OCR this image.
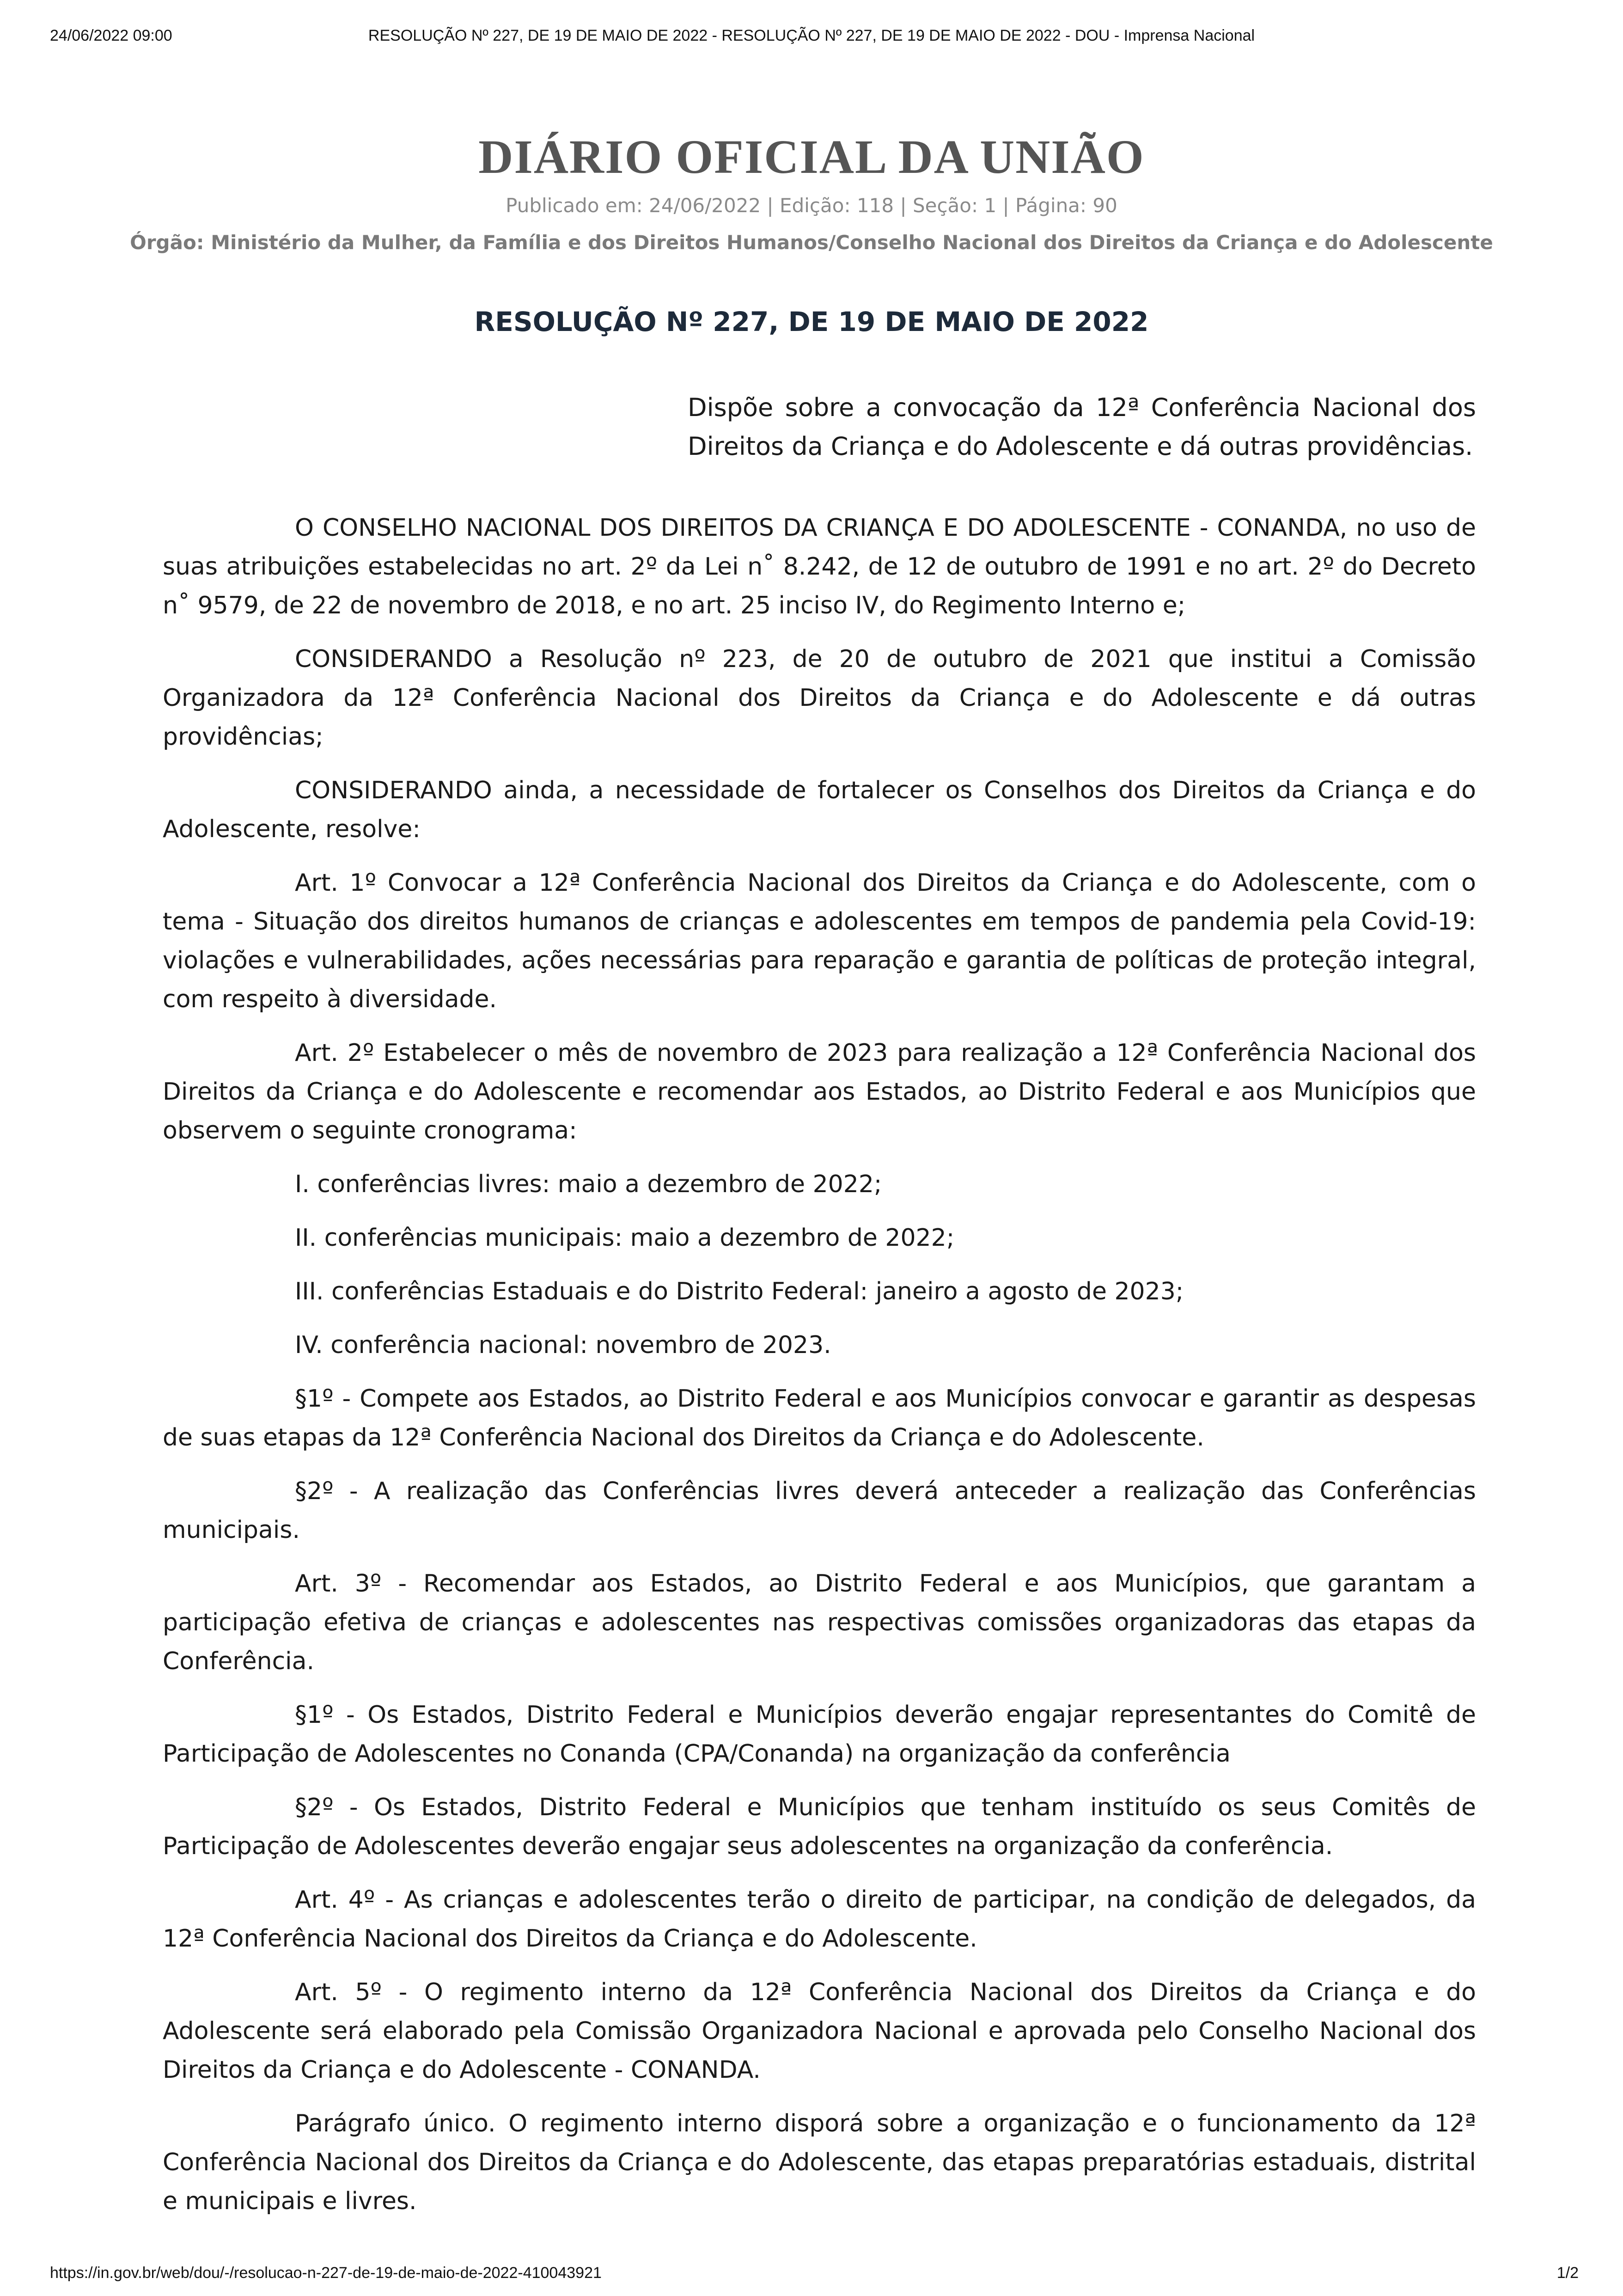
24/06/2022 09:00	RESOLUÇÃO Nº 227, DE 19 DE MAIO DE 2022 - RESOLUÇÃO Nº 227, DE 19 DE MAIO DE 2022 - DOU - Imprensa Nacional
DIÁRIO OFICIAL DA UNIÃO
Publicado em: 24/06/2022 | Edição: 118 | Seção: 1 | Página: 90
Órgão: Ministério da Mulher, da Família e dos Direitos Humanos/Conselho Nacional dos Direitos da Criança e do Adolescente
RESOLUÇÃO Nº 227, DE 19 DE MAIO DE 2022

Dispõe sobre a convocação da 12ª Conferência Nacional dos Direitos da Criança e do Adolescente e dá outras providências.

O CONSELHO NACIONAL DOS DIREITOS DA CRIANÇA E DO ADOLESCENTE - CONANDA, no uso de suas atribuições estabelecidas no art. 2º da Lei n˚ 8.242, de 12 de outubro de 1991 e no art. 2º do Decreto n˚ 9579, de 22 de novembro de 2018, e no art. 25 inciso IV, do Regimento Interno e;

CONSIDERANDO a Resolução nº 223, de 20 de outubro de 2021 que institui a Comissão Organizadora da 12ª Conferência Nacional dos Direitos da Criança e do Adolescente e dá outras providências;

CONSIDERANDO ainda, a necessidade de fortalecer os Conselhos dos Direitos da Criança e do Adolescente, resolve:

Art. 1º Convocar a 12ª Conferência Nacional dos Direitos da Criança e do Adolescente, com o tema - Situação dos direitos humanos de crianças e adolescentes em tempos de pandemia pela Covid-19: violações e vulnerabilidades, ações necessárias para reparação e garantia de políticas de proteção integral, com respeito à diversidade.

Art. 2º Estabelecer o mês de novembro de 2023 para realização a 12ª Conferência Nacional dos Direitos da Criança e do Adolescente e recomendar aos Estados, ao Distrito Federal e aos Municípios que observem o seguinte cronograma:

I. conferências livres: maio a dezembro de 2022;

II. conferências municipais: maio a dezembro de 2022;

III. conferências Estaduais e do Distrito Federal: janeiro a agosto de 2023;

IV. conferência nacional: novembro de 2023.

§1º - Compete aos Estados, ao Distrito Federal e aos Municípios convocar e garantir as despesas de suas etapas da 12ª Conferência Nacional dos Direitos da Criança e do Adolescente.

§2º - A realização das Conferências livres deverá anteceder a realização das Conferências municipais.

Art. 3º - Recomendar aos Estados, ao Distrito Federal e aos Municípios, que garantam a participação efetiva de crianças e adolescentes nas respectivas comissões organizadoras das etapas da Conferência.

§1º - Os Estados, Distrito Federal e Municípios deverão engajar representantes do Comitê de Participação de Adolescentes no Conanda (CPA/Conanda) na organização da conferência

§2º - Os Estados, Distrito Federal e Municípios que tenham instituído os seus Comitês de Participação de Adolescentes deverão engajar seus adolescentes na organização da conferência.

Art. 4º - As crianças e adolescentes terão o direito de participar, na condição de delegados, da 12ª Conferência Nacional dos Direitos da Criança e do Adolescente.

Art. 5º - O regimento interno da 12ª Conferência Nacional dos Direitos da Criança e do Adolescente será elaborado pela Comissão Organizadora Nacional e aprovada pelo Conselho Nacional dos Direitos da Criança e do Adolescente - CONANDA.

Parágrafo único. O regimento interno disporá sobre a organização e o funcionamento da 12ª Conferência Nacional dos Direitos da Criança e do Adolescente, das etapas preparatórias estaduais, distrital e municipais e livres.

https://in.gov.br/web/dou/-/resolucao-n-227-de-19-de-maio-de-2022-410043921	1/2
